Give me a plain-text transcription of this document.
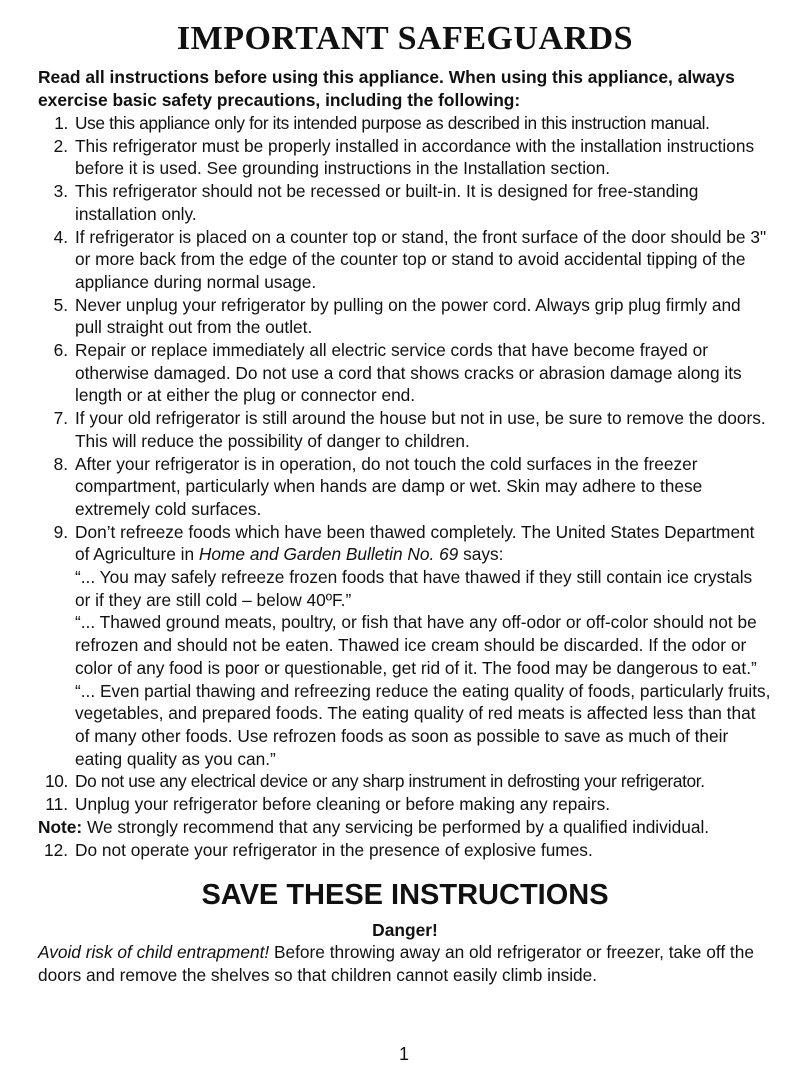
IMPORTANT SAFEGUARDS

Read all instructions before using this appliance. When using this appliance, always exercise basic safety precautions, including the following:

1. Use this appliance only for its intended purpose as described in this instruction manual.
2. This refrigerator must be properly installed in accordance with the installation instructions before it is used. See grounding instructions in the Installation section.
3. This refrigerator should not be recessed or built-in. It is designed for free-standing installation only.
4. If refrigerator is placed on a counter top or stand, the front surface of the door should be 3" or more back from the edge of the counter top or stand to avoid accidental tipping of the appliance during normal usage.
5. Never unplug your refrigerator by pulling on the power cord. Always grip plug firmly and pull straight out from the outlet.
6. Repair or replace immediately all electric service cords that have become frayed or otherwise damaged. Do not use a cord that shows cracks or abrasion damage along its length or at either the plug or connector end.
7. If your old refrigerator is still around the house but not in use, be sure to remove the doors. This will reduce the possibility of danger to children.
8. After your refrigerator is in operation, do not touch the cold surfaces in the freezer compartment, particularly when hands are damp or wet. Skin may adhere to these extremely cold surfaces.
9. Don’t refreeze foods which have been thawed completely. The United States Department of Agriculture in Home and Garden Bulletin No. 69 says:
“... You may safely refreeze frozen foods that have thawed if they still contain ice crystals or if they are still cold – below 40ºF.”
“... Thawed ground meats, poultry, or fish that have any off-odor or off-color should not be refrozen and should not be eaten. Thawed ice cream should be discarded. If the odor or color of any food is poor or questionable, get rid of it. The food may be dangerous to eat.”
“... Even partial thawing and refreezing reduce the eating quality of foods, particularly fruits, vegetables, and prepared foods. The eating quality of red meats is affected less than that of many other foods. Use refrozen foods as soon as possible to save as much of their eating quality as you can.”
10. Do not use any electrical device or any sharp instrument in defrosting your refrigerator.
11. Unplug your refrigerator before cleaning or before making any repairs.
Note: We strongly recommend that any servicing be performed by a qualified individual.
12. Do not operate your refrigerator in the presence of explosive fumes.
SAVE THESE INSTRUCTIONS

Danger!

Avoid risk of child entrapment! Before throwing away an old refrigerator or freezer, take off the doors and remove the shelves so that children cannot easily climb inside.

1
